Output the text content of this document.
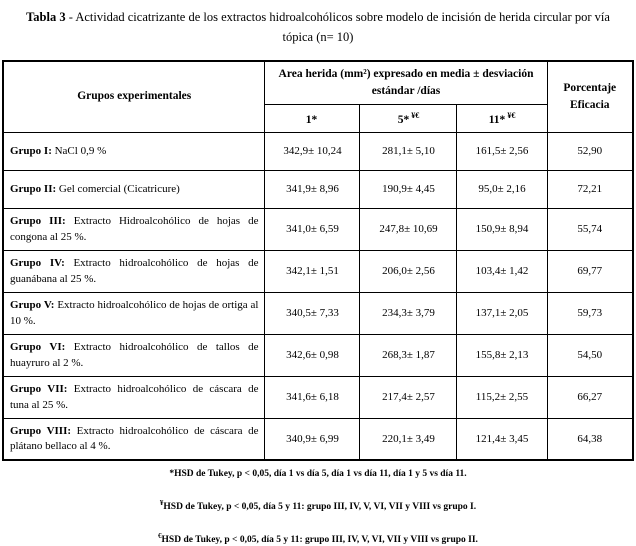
Tabla 3 - Actividad cicatrizante de los extractos hidroalcohólicos sobre modelo de incisión de herida circular por vía tópica (n= 10)

Grupos experimentales	Area herida (mm²) expresado en media ± desviación estándar /días			Porcentaje Eficacia
	1*	5* ¥€	11* ¥€
Grupo I: NaCl 0,9 %	342,9± 10,24	281,1± 5,10	161,5± 2,56	52,90
Grupo II: Gel comercial (Cicatricure)	341,9± 8,96	190,9± 4,45	95,0± 2,16	72,21
Grupo III: Extracto Hidroalcohólico de hojas de congona al 25 %.	341,0± 6,59	247,8± 10,69	150,9± 8,94	55,74
Grupo IV: Extracto hidroalcohólico de hojas de guanábana al 25 %.	342,1± 1,51	206,0± 2,56	103,4± 1,42	69,77
Grupo V: Extracto hidroalcohólico de hojas de ortiga al 10 %.	340,5± 7,33	234,3± 3,79	137,1± 2,05	59,73
Grupo VI: Extracto hidroalcohólico de tallos de huayruro al 2 %.	342,6± 0,98	268,3± 1,87	155,8± 2,13	54,50
Grupo VII: Extracto hidroalcohólico de cáscara de tuna al 25 %.	341,6± 6,18	217,4± 2,57	115,2± 2,55	66,27
Grupo VIII: Extracto hidroalcohólico de cáscara de plátano bellaco al 4 %.	340,9± 6,99	220,1± 3,49	121,4± 3,45	64,38

*HSD de Tukey, p < 0,05, día 1 vs día 5, día 1 vs día 11, día 1 y 5 vs día 11.

¥HSD de Tukey, p < 0,05, día 5 y 11: grupo III, IV, V, VI, VII y VIII vs grupo I.

€HSD de Tukey, p < 0,05, día 5 y 11: grupo III, IV, V, VI, VII y VIII vs grupo II.
